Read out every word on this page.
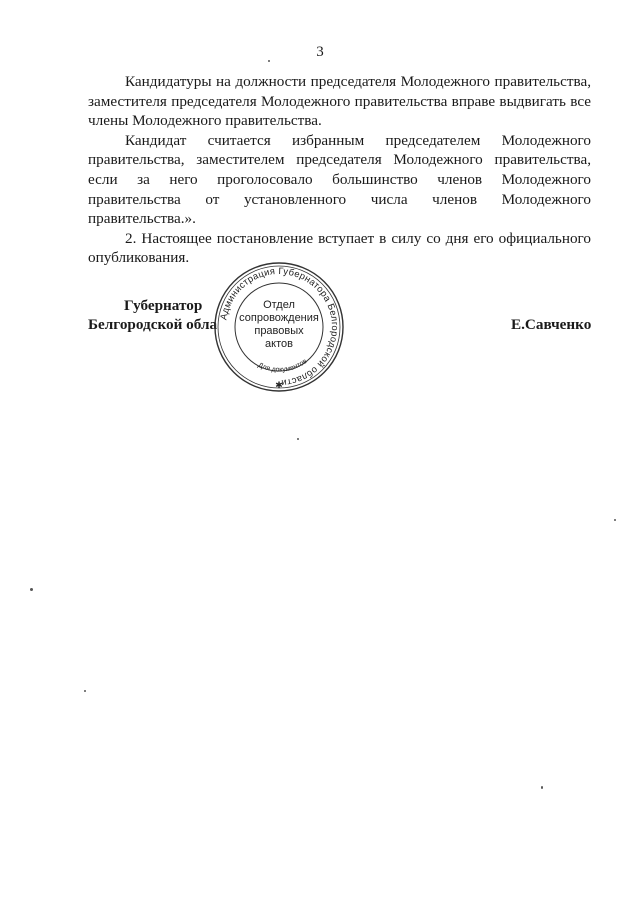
3

Кандидатуры на должности председателя Молодежного правительства, заместителя председателя Молодежного правительства вправе выдвигать все члены Молодежного правительства.

Кандидат считается избранным председателем Молодежного правительства, заместителем председателя Молодежного правительства, если за него проголосовало большинство членов Молодежного правительства от установленного числа членов Молодежного правительства.».

2. Настоящее постановление вступает в силу со дня его официального опубликования.

Губернатор
Белгородской обла	Е.Савченко
Администрация Губернатора Белгородской области
Для документов
✱
Отдел
сопровождения
правовых
актов
